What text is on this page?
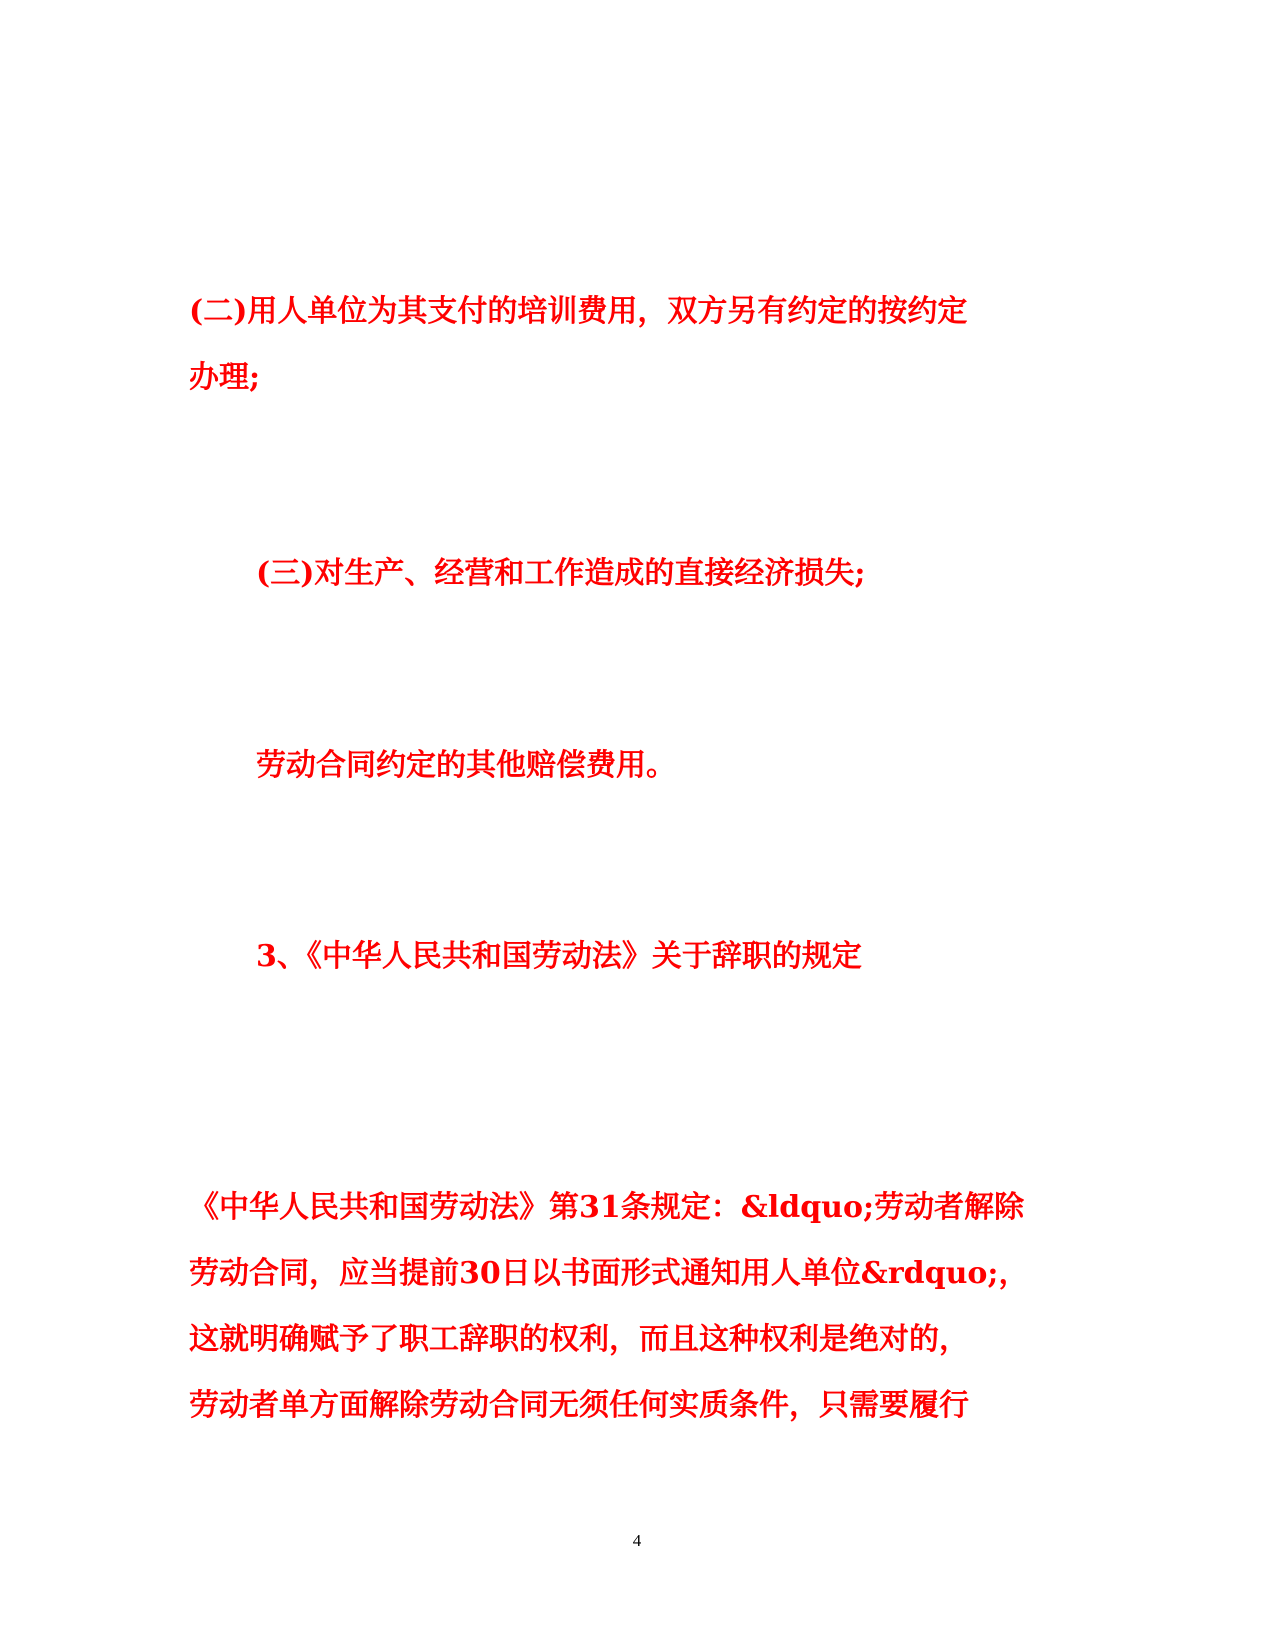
(二)用人单位为其支付的培训费用，双方另有约定的按约定
办理;
(三)对生产、经营和工作造成的直接经济损失;
劳动合同约定的其他赔偿费用。
3、《中华人民共和国劳动法》关于辞职的规定
《中华人民共和国劳动法》第31条规定：&ldquo;劳动者解除
劳动合同，应当提前30日以书面形式通知用人单位&rdquo;，
这就明确赋予了职工辞职的权利，而且这种权利是绝对的，
劳动者单方面解除劳动合同无须任何实质条件，只需要履行
4
